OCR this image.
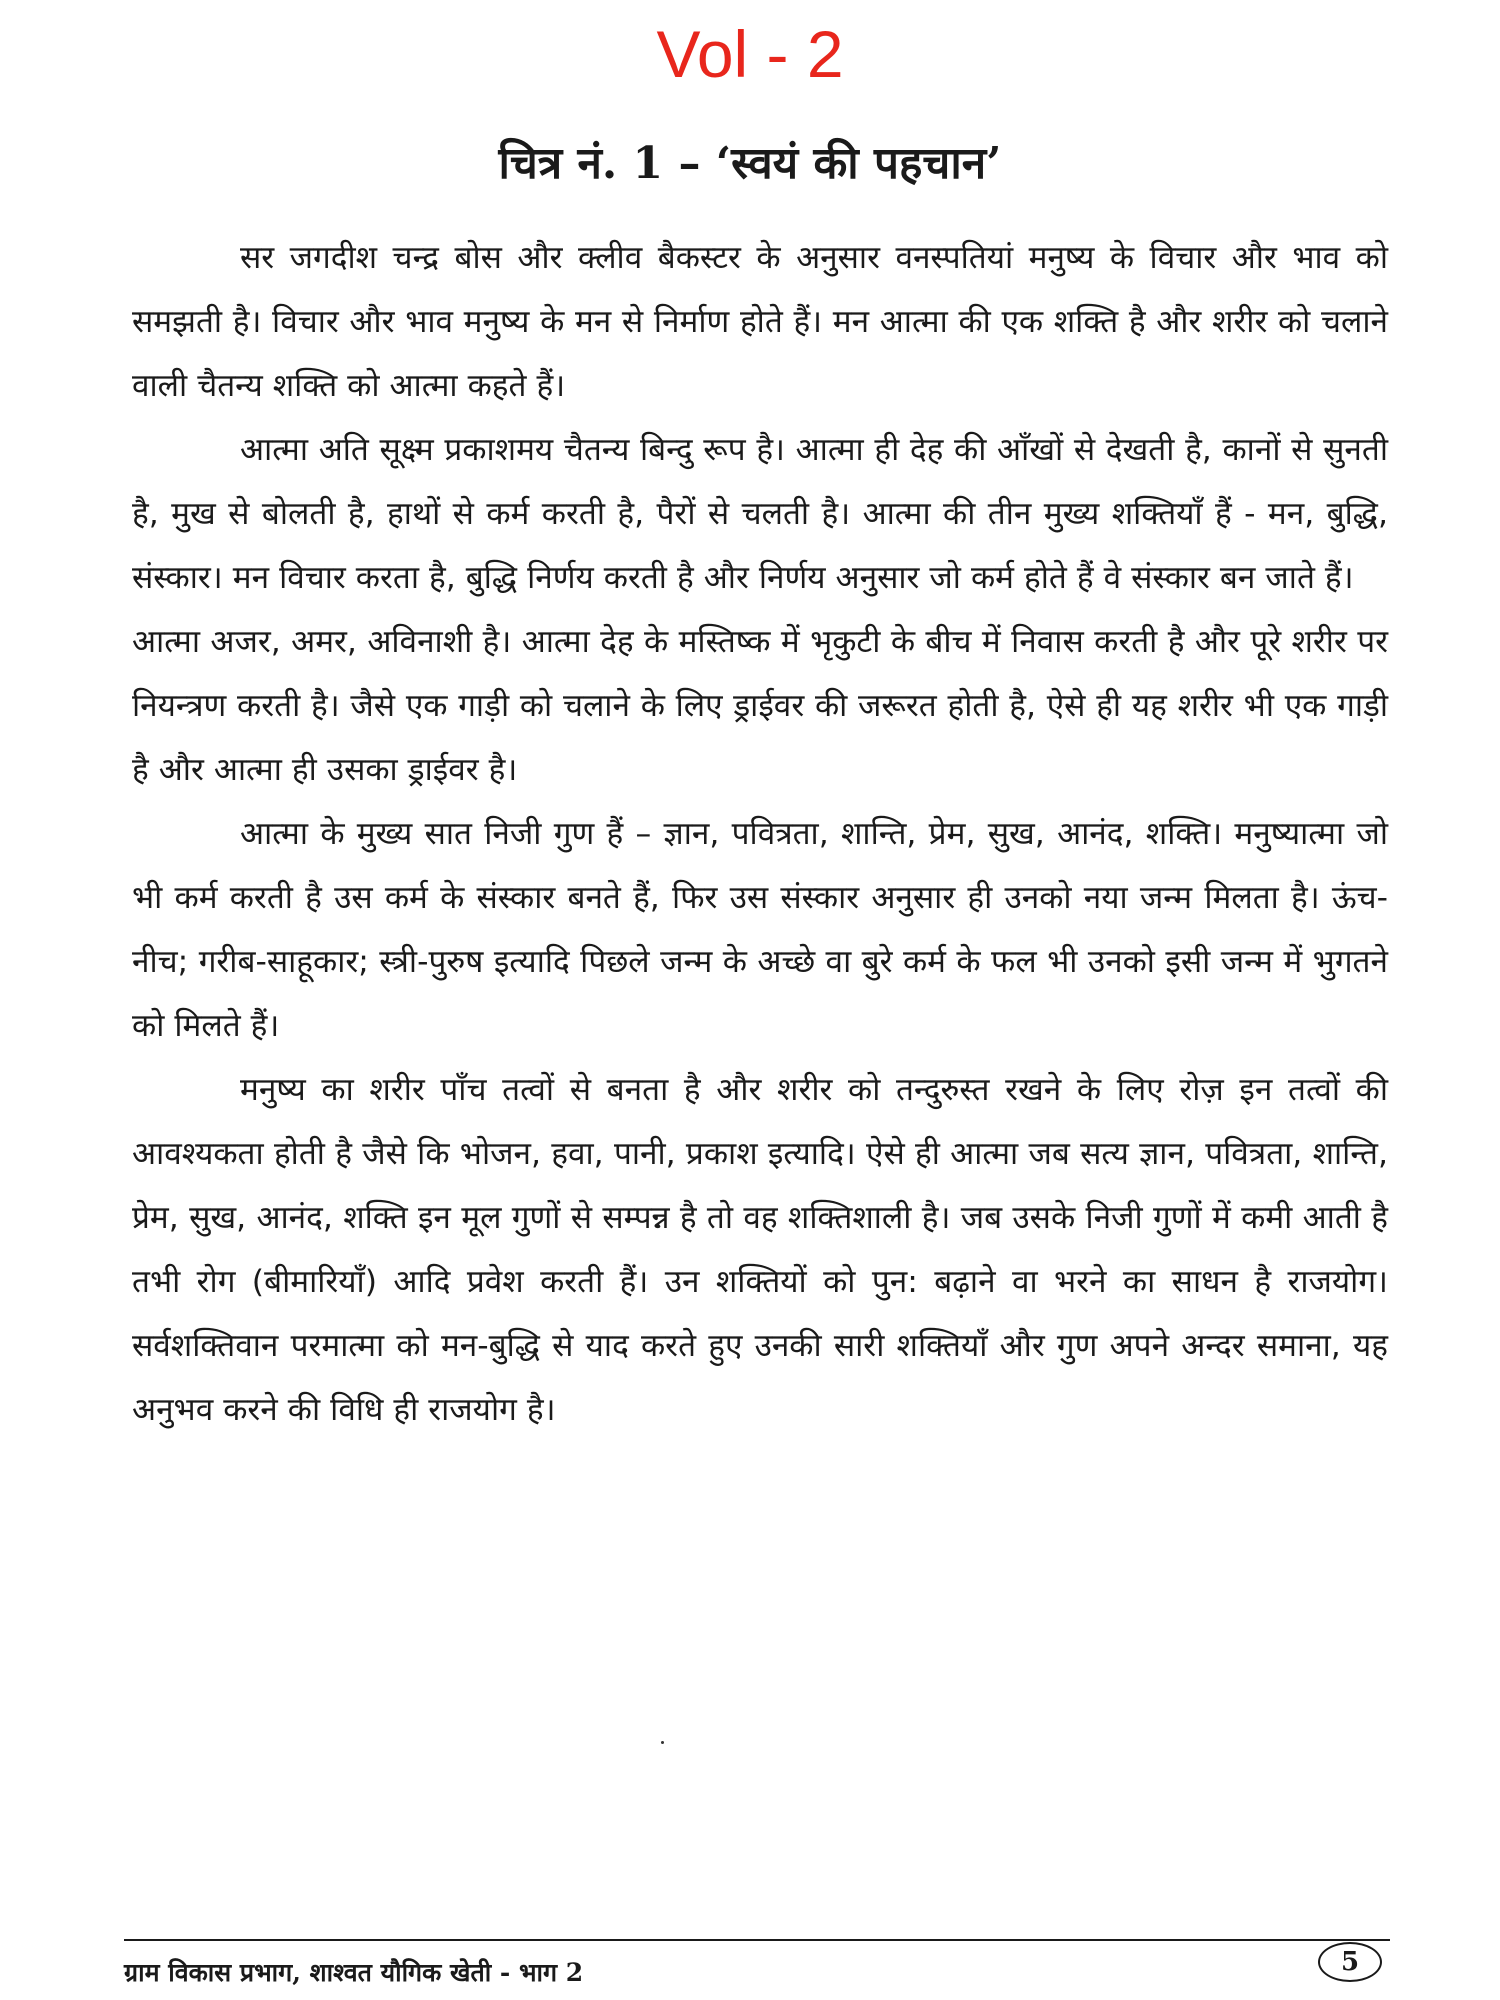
Vol - 2
चित्र नं. 1 – ‘स्वयं की पहचान’

सर जगदीश चन्द्र बोस और क्लीव बैकस्टर के अनुसार वनस्पतियां मनुष्य के विचार और भाव को समझती है। विचार और भाव मनुष्य के मन से निर्माण होते हैं। मन आत्मा की एक शक्ति है और शरीर को चलाने वाली चैतन्य शक्ति को आत्मा कहते हैं।

आत्मा अति सूक्ष्म प्रकाशमय चैतन्य बिन्दु रूप है। आत्मा ही देह की आँखों से देखती है, कानों से सुनती है, मुख से बोलती है, हाथों से कर्म करती है, पैरों से चलती है। आत्मा की तीन मुख्य शक्तियाँ हैं - मन, बुद्धि, संस्कार। मन विचार करता है, बुद्धि निर्णय करती है और निर्णय अनुसार जो कर्म होते हैं वे संस्कार बन जाते हैं।

आत्मा अजर, अमर, अविनाशी है। आत्मा देह के मस्तिष्क में भृकुटी के बीच में निवास करती है और पूरे शरीर पर नियन्त्रण करती है। जैसे एक गाड़ी को चलाने के लिए ड्राईवर की जरूरत होती है, ऐसे ही यह शरीर भी एक गाड़ी है और आत्मा ही उसका ड्राईवर है।

आत्मा के मुख्य सात निजी गुण हैं – ज्ञान, पवित्रता, शान्ति, प्रेम, सुख, आनंद, शक्ति। मनुष्यात्मा जो भी कर्म करती है उस कर्म के संस्कार बनते हैं, फिर उस संस्कार अनुसार ही उनको नया जन्म मिलता है। ऊंच-नीच; गरीब-साहूकार; स्त्री-पुरुष इत्यादि पिछले जन्म के अच्छे वा बुरे कर्म के फल भी उनको इसी जन्म में भुगतने को मिलते हैं।

मनुष्य का शरीर पाँच तत्वों से बनता है और शरीर को तन्दुरुस्त रखने के लिए रोज़ इन तत्वों की आवश्यकता होती है जैसे कि भोजन, हवा, पानी, प्रकाश इत्यादि। ऐसे ही आत्मा जब सत्य ज्ञान, पवित्रता, शान्ति, प्रेम, सुख, आनंद, शक्ति इन मूल गुणों से सम्पन्न है तो वह शक्तिशाली है। जब उसके निजी गुणों में कमी आती है तभी रोग (बीमारियाँ) आदि प्रवेश करती हैं। उन शक्तियों को पुन: बढ़ाने वा भरने का साधन है राजयोग। सर्वशक्तिवान परमात्मा को मन-बुद्धि से याद करते हुए उनकी सारी शक्तियाँ और गुण अपने अन्दर समाना, यह अनुभव करने की विधि ही राजयोग है।

ग्राम विकास प्रभाग, शाश्वत यौगिक खेती - भाग 2	5
